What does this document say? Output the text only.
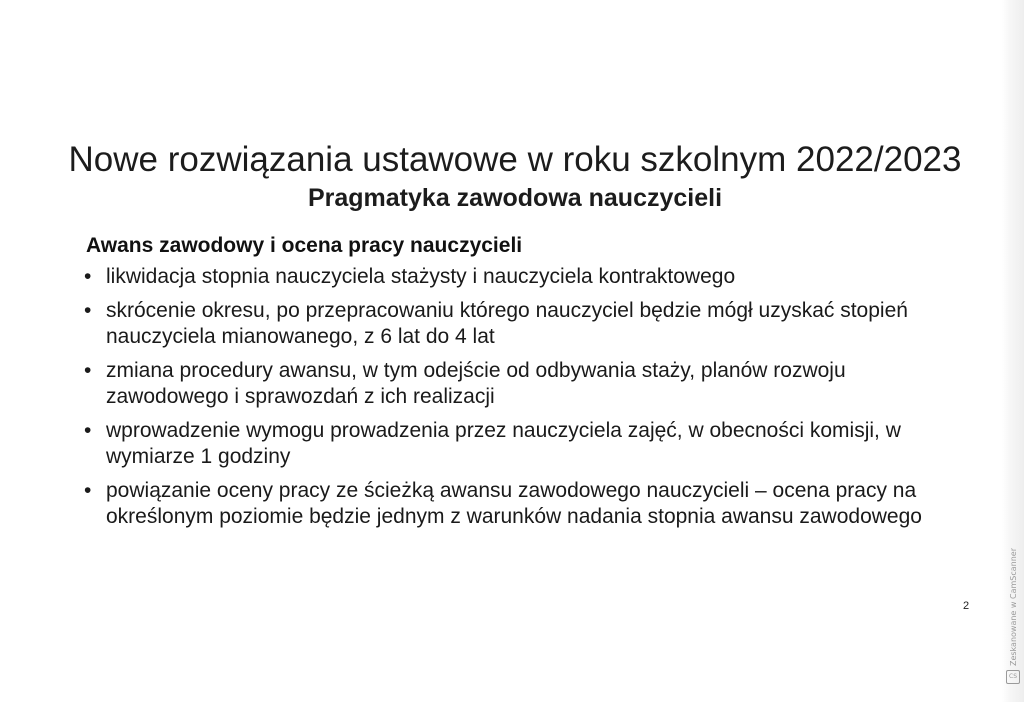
Nowe rozwiązania ustawowe w roku szkolnym 2022/2023
Pragmatyka zawodowa nauczycieli
Awans zawodowy i ocena pracy nauczycieli
• likwidacja stopnia nauczyciela stażysty i nauczyciela kontraktowego
• skrócenie okresu, po przepracowaniu którego nauczyciel będzie mógł uzyskać stopień nauczyciela mianowanego, z 6 lat do 4 lat
• zmiana procedury awansu, w tym odejście od odbywania staży, planów rozwoju zawodowego i sprawozdań z ich realizacji
• wprowadzenie wymogu prowadzenia przez nauczyciela zajęć, w obecności komisji, w wymiarze 1 godziny
• powiązanie oceny pracy ze ścieżką awansu zawodowego nauczycieli – ocena pracy na określonym poziomie będzie jednym z warunków nadania stopnia awansu zawodowego
2	Zeskanowane w CamScanner
CS
